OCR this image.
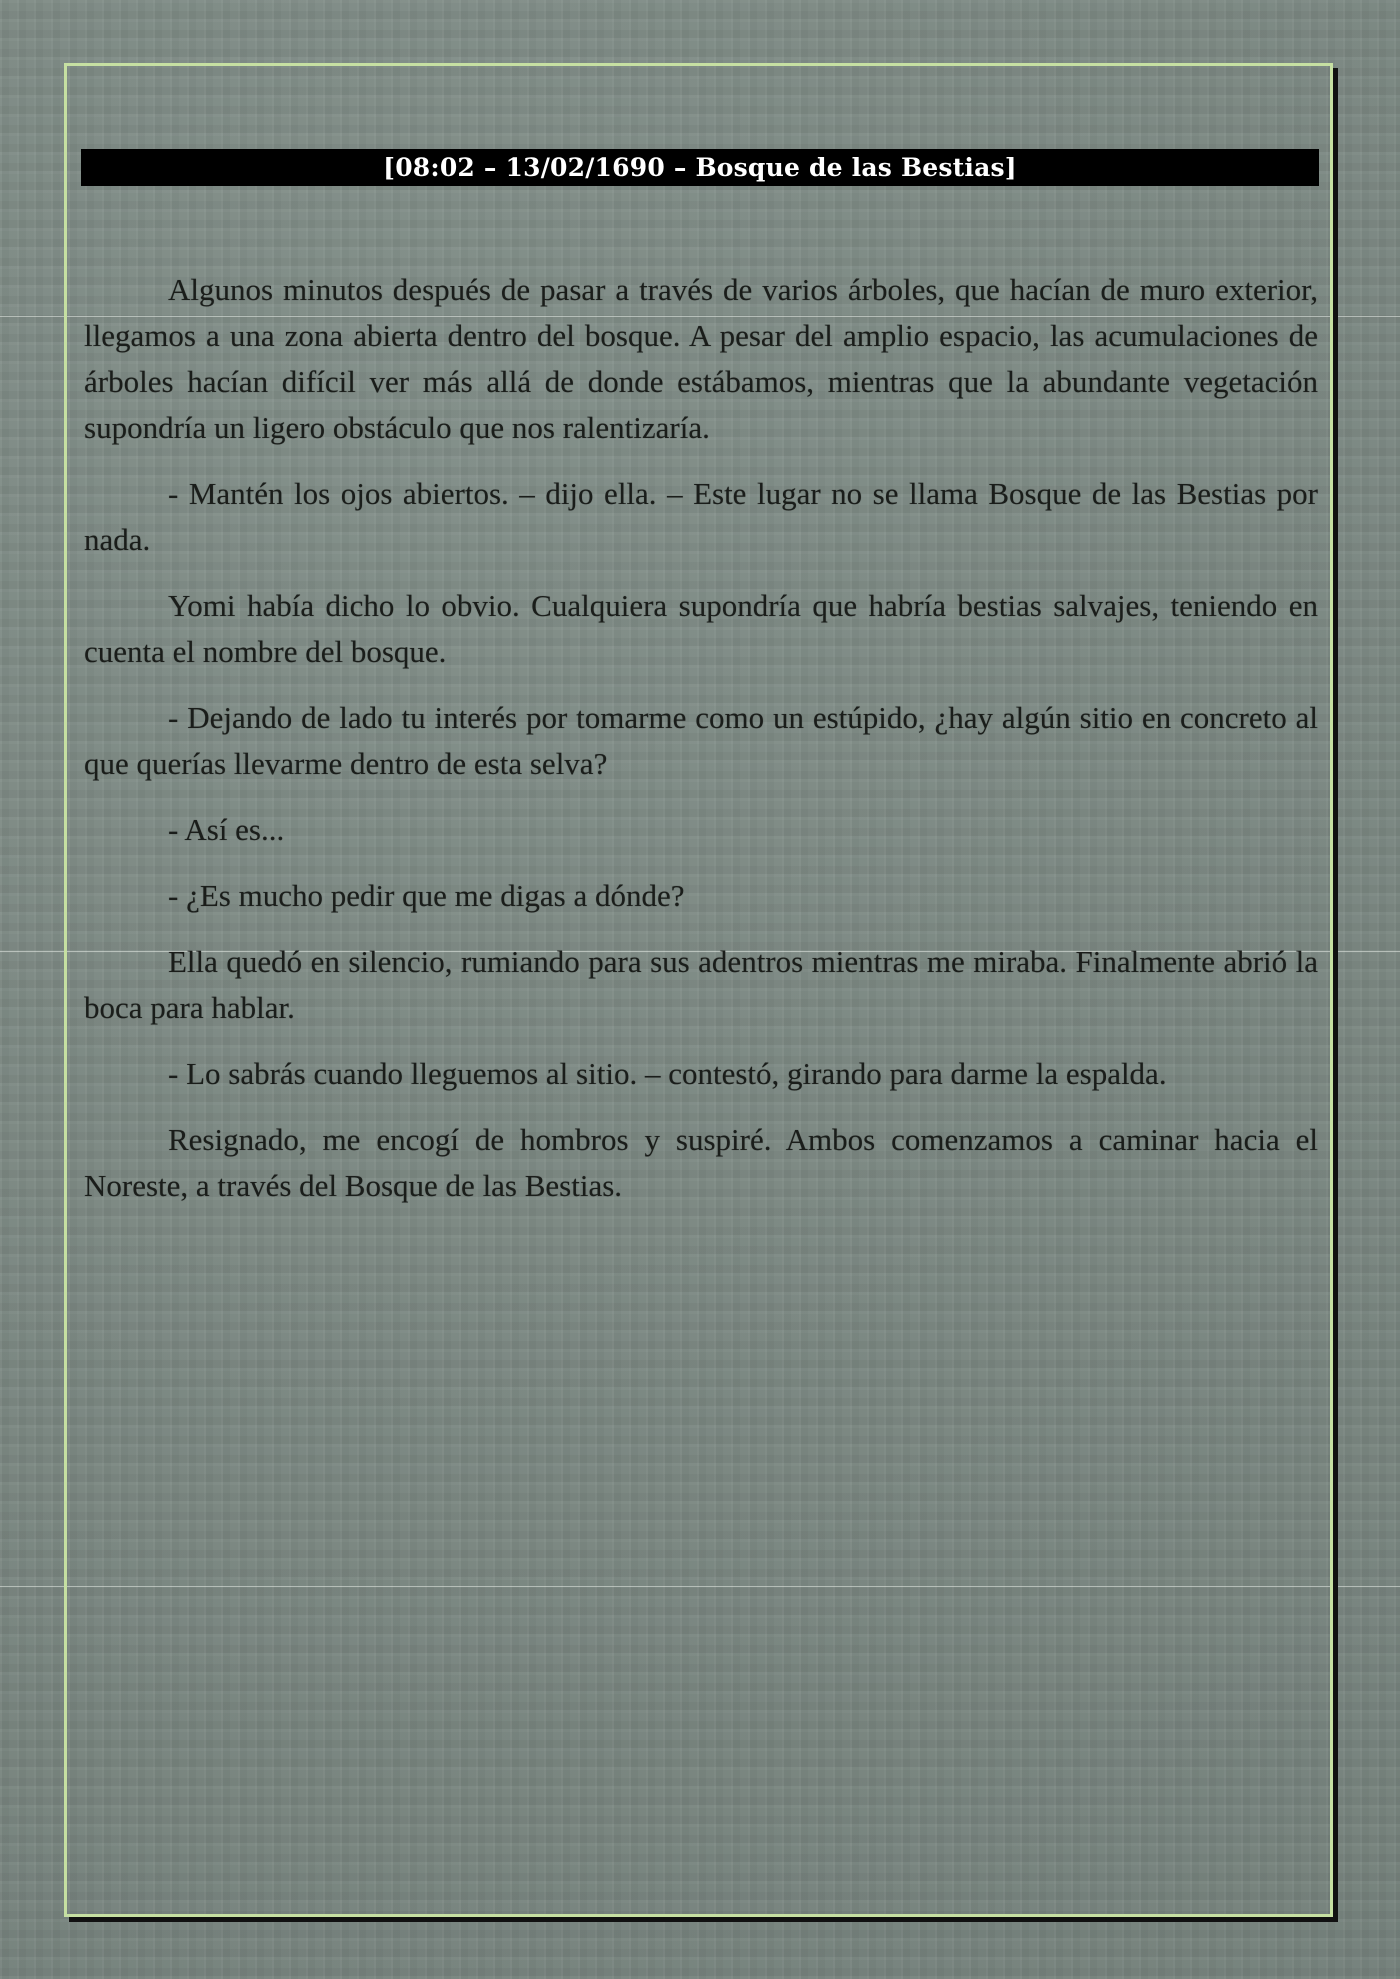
[08:02 – 13/02/1690 – Bosque de las Bestias]

Algunos minutos después de pasar a través de varios árboles, que hacían de muro exterior, llegamos a una zona abierta dentro del bosque. A pesar del amplio espacio, las acumulaciones de árboles hacían difícil ver más allá de donde estábamos, mientras que la abundante vegetación supondría un ligero obstáculo que nos ralentizaría.

- Mantén los ojos abiertos. – dijo ella. – Este lugar no se llama Bosque de las Bestias por nada.

Yomi había dicho lo obvio. Cualquiera supondría que habría bestias salvajes, teniendo en cuenta el nombre del bosque.

- Dejando de lado tu interés por tomarme como un estúpido, ¿hay algún sitio en concreto al que querías llevarme dentro de esta selva?

- Así es...

- ¿Es mucho pedir que me digas a dónde?

Ella quedó en silencio, rumiando para sus adentros mientras me miraba. Finalmente abrió la boca para hablar.

- Lo sabrás cuando lleguemos al sitio. – contestó, girando para darme la espalda.

Resignado, me encogí de hombros y suspiré. Ambos comenzamos a caminar hacia el Noreste, a través del Bosque de las Bestias.
